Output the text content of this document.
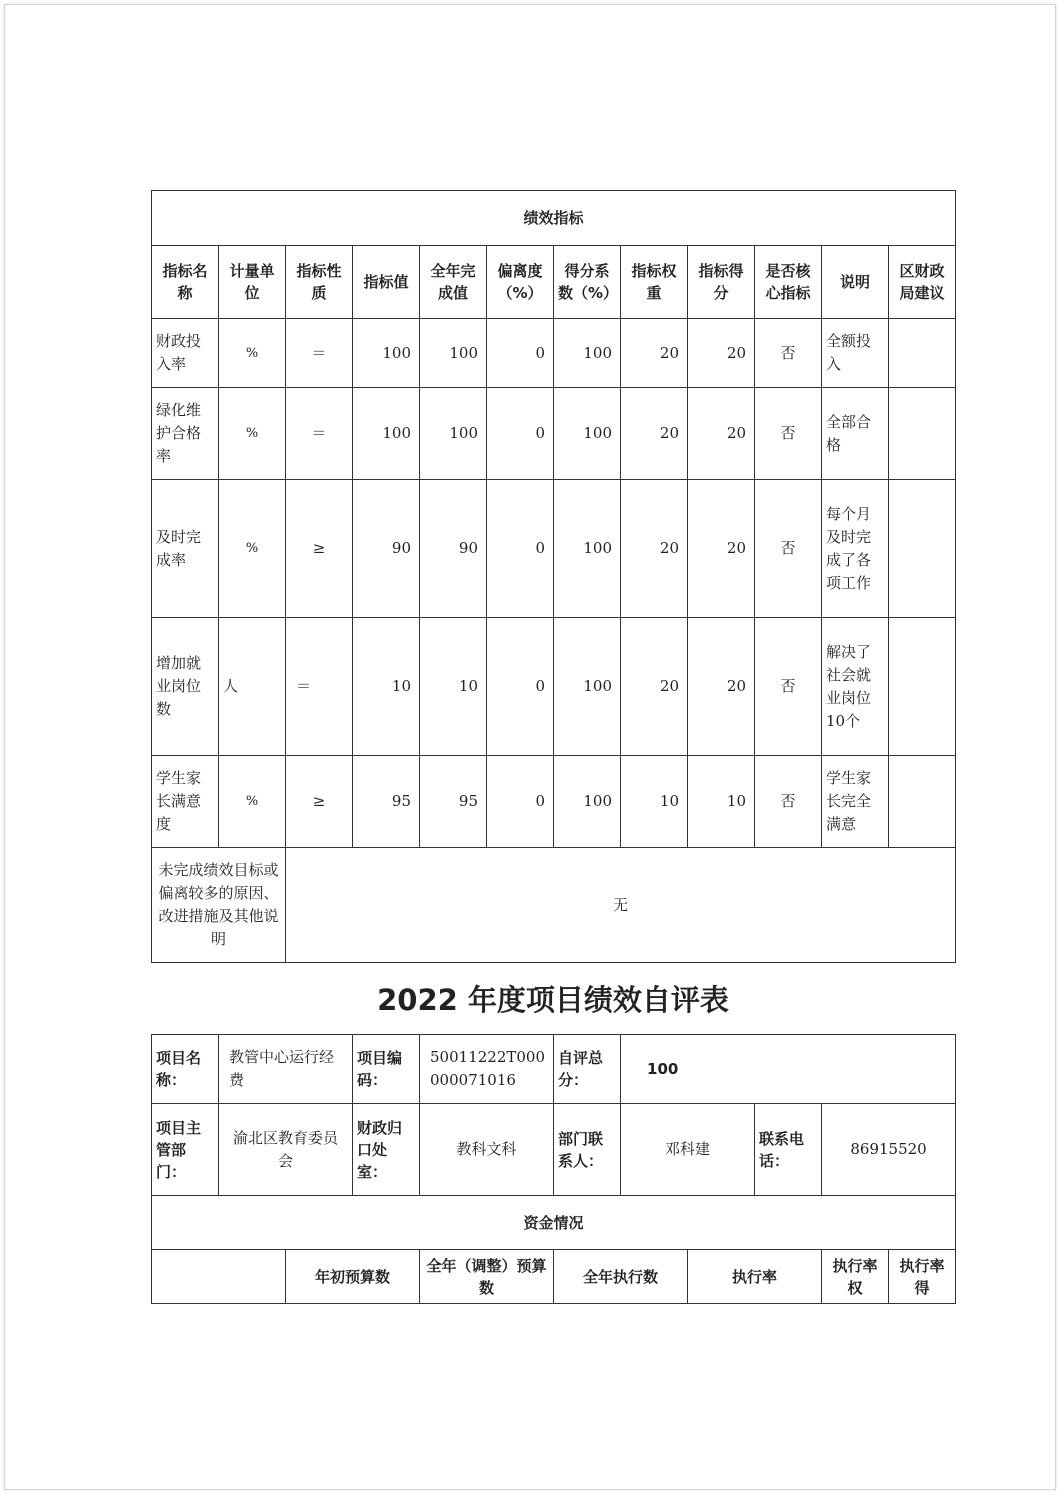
绩效指标											
指标名称	计量单位	指标性质	指标值	全年完成值	偏离度（%）	得分系数（%）	指标权重	指标得分	是否核心指标	说明	区财政局建议
财政投入率	%	＝	100	100	0	100	20	20	否	全额投入	
绿化维护合格率	%	＝	100	100	0	100	20	20	否	全部合格	
及时完成率	%	≥	90	90	0	100	20	20	否	每个月及时完成了各项工作	
增加就业岗位数	人	＝	10	10	0	100	20	20	否	解决了社会就业岗位10个	
学生家长满意度	%	≥	95	95	0	100	10	10	否	学生家长完全满意	
未完成绩效目标或偏离较多的原因、改进措施及其他说明		无									
2022 年度项目绩效自评表
项目名称：	教管中心运行经费		项目编码：	50011222T000000071016	自评总分：	100				
项目主管部门：	渝北区教育委员会		财政归口处室：	教科文科	部门联系人：	邓科建		联系电话：	86915520	
资金情况										
		年初预算数		全年（调整）预算数	全年执行数		执行率		执行率权	执行率得
